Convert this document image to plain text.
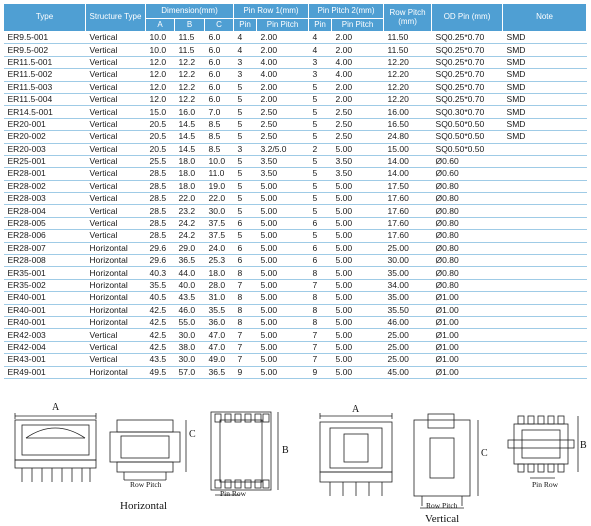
Type	Structure Type	Dimension(mm)			Pin Row 1(mm)		Pin Pitch 2(mm)		Row Pitch (mm)	OD Pin (mm)	Note
		A	B	C	Pin	Pin Pitch	Pin	Pin Pitch			
ER9.5-001	Vertical	10.0	11.5	6.0	4	2.00	4	2.00	11.50	SQ0.25*0.70	SMD
ER9.5-002	Vertical	10.0	11.5	6.0	4	2.00	4	2.00	11.50	SQ0.25*0.70	SMD
ER11.5-001	Vertical	12.0	12.2	6.0	3	4.00	3	4.00	12.20	SQ0.25*0.70	SMD
ER11.5-002	Vertical	12.0	12.2	6.0	3	4.00	3	4.00	12.20	SQ0.25*0.70	SMD
ER11.5-003	Vertical	12.0	12.2	6.0	5	2.00	5	2.00	12.20	SQ0.25*0.70	SMD
ER11.5-004	Vertical	12.0	12.2	6.0	5	2.00	5	2.00	12.20	SQ0.25*0.70	SMD
ER14.5-001	Vertical	15.0	16.0	7.0	5	2.50	5	2.50	16.00	SQ0.30*0.70	SMD
ER20-001	Vertical	20.5	14.5	8.5	5	2.50	5	2.50	16.50	SQ0.50*0.50	SMD
ER20-002	Vertical	20.5	14.5	8.5	5	2.50	5	2.50	24.80	SQ0.50*0.50	SMD
ER20-003	Vertical	20.5	14.5	8.5	3	3.2/5.0	2	5.00	15.00	SQ0.50*0.50	
ER25-001	Vertical	25.5	18.0	10.0	5	3.50	5	3.50	14.00	Ø0.60	
ER28-001	Vertical	28.5	18.0	11.0	5	3.50	5	3.50	14.00	Ø0.60	
ER28-002	Vertical	28.5	18.0	19.0	5	5.00	5	5.00	17.50	Ø0.80	
ER28-003	Vertical	28.5	22.0	22.0	5	5.00	5	5.00	17.60	Ø0.80	
ER28-004	Vertical	28.5	23.2	30.0	5	5.00	5	5.00	17.60	Ø0.80	
ER28-005	Vertical	28.5	24.2	37.5	6	5.00	6	5.00	17.60	Ø0.80	
ER28-006	Vertical	28.5	24.2	37.5	5	5.00	5	5.00	17.60	Ø0.80	
ER28-007	Horizontal	29.6	29.0	24.0	6	5.00	6	5.00	25.00	Ø0.80	
ER28-008	Horizontal	29.6	36.5	25.3	6	5.00	6	5.00	30.00	Ø0.80	
ER35-001	Horizontal	40.3	44.0	18.0	8	5.00	8	5.00	35.00	Ø0.80	
ER35-002	Horizontal	35.5	40.0	28.0	7	5.00	7	5.00	34.00	Ø0.80	
ER40-001	Horizontal	40.5	43.5	31.0	8	5.00	8	5.00	35.00	Ø1.00	
ER40-001	Horizontal	42.5	46.0	35.5	8	5.00	8	5.00	35.50	Ø1.00	
ER40-001	Horizontal	42.5	55.0	36.0	8	5.00	8	5.00	46.00	Ø1.00	
ER42-003	Vertical	42.5	30.0	47.0	7	5.00	7	5.00	25.00	Ø1.00	
ER42-004	Vertical	42.5	38.0	47.0	7	5.00	7	5.00	25.00	Ø1.00	
ER43-001	Vertical	43.5	30.0	49.0	7	5.00	7	5.00	25.00	Ø1.00	
ER49-001	Horizontal	49.5	57.0	36.5	9	5.00	9	5.00	45.00	Ø1.00	
A
C
Row Pitch
B
Pin Row
Horizontal
A
C
Row Pitch
B
Pin Row
Vertical
